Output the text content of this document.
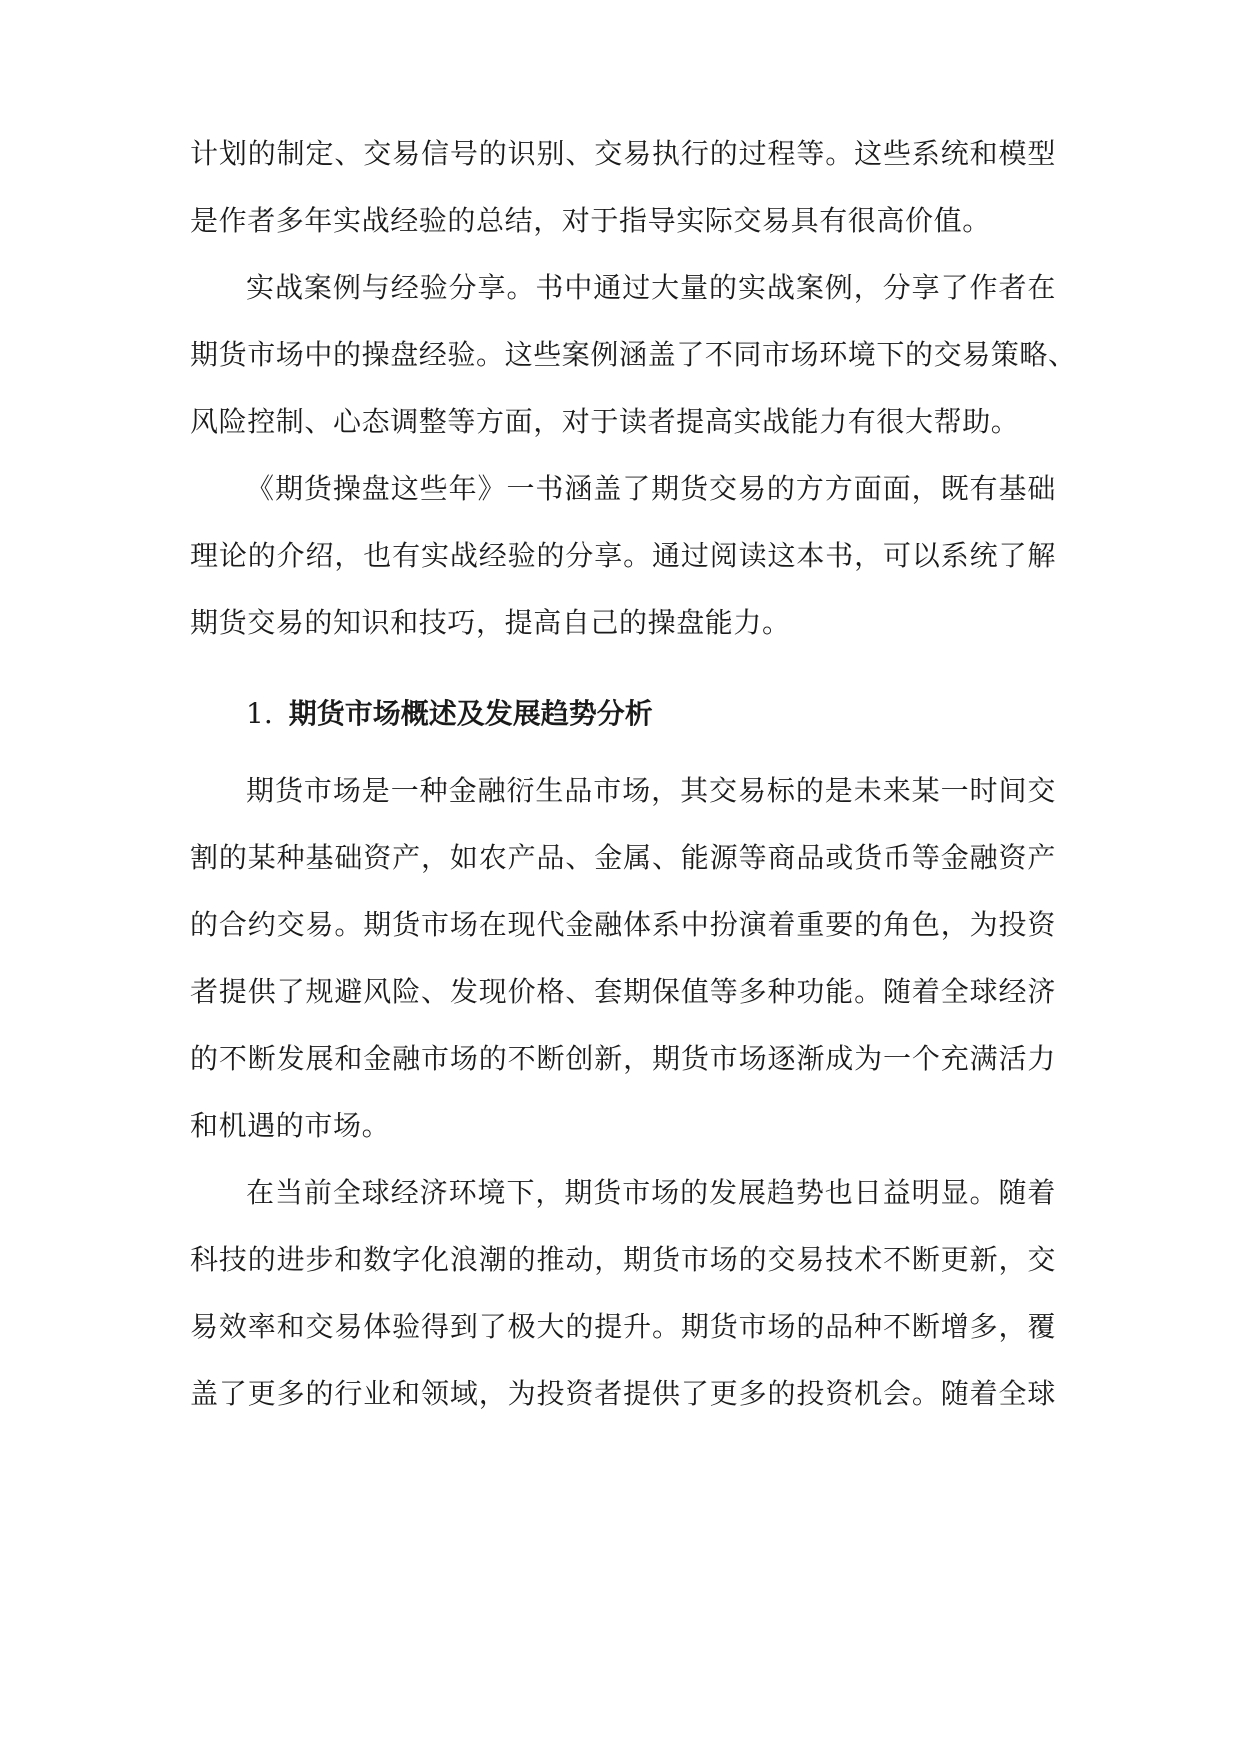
计划的制定、交易信号的识别、交易执行的过程等。这些系统和模型
是作者多年实战经验的总结，对于指导实际交易具有很高价值。
实战案例与经验分享。书中通过大量的实战案例，分享了作者在
期货市场中的操盘经验。这些案例涵盖了不同市场环境下的交易策略、
风险控制、心态调整等方面，对于读者提高实战能力有很大帮助。
《期货操盘这些年》一书涵盖了期货交易的方方面面，既有基础
理论的介绍，也有实战经验的分享。通过阅读这本书，可以系统了解
期货交易的知识和技巧，提高自己的操盘能力。
1. 期货市场概述及发展趋势分析
期货市场是一种金融衍生品市场，其交易标的是未来某一时间交
割的某种基础资产，如农产品、金属、能源等商品或货币等金融资产
的合约交易。期货市场在现代金融体系中扮演着重要的角色，为投资
者提供了规避风险、发现价格、套期保值等多种功能。随着全球经济
的不断发展和金融市场的不断创新，期货市场逐渐成为一个充满活力
和机遇的市场。
在当前全球经济环境下，期货市场的发展趋势也日益明显。随着
科技的进步和数字化浪潮的推动，期货市场的交易技术不断更新，交
易效率和交易体验得到了极大的提升。期货市场的品种不断增多，覆
盖了更多的行业和领域，为投资者提供了更多的投资机会。随着全球
